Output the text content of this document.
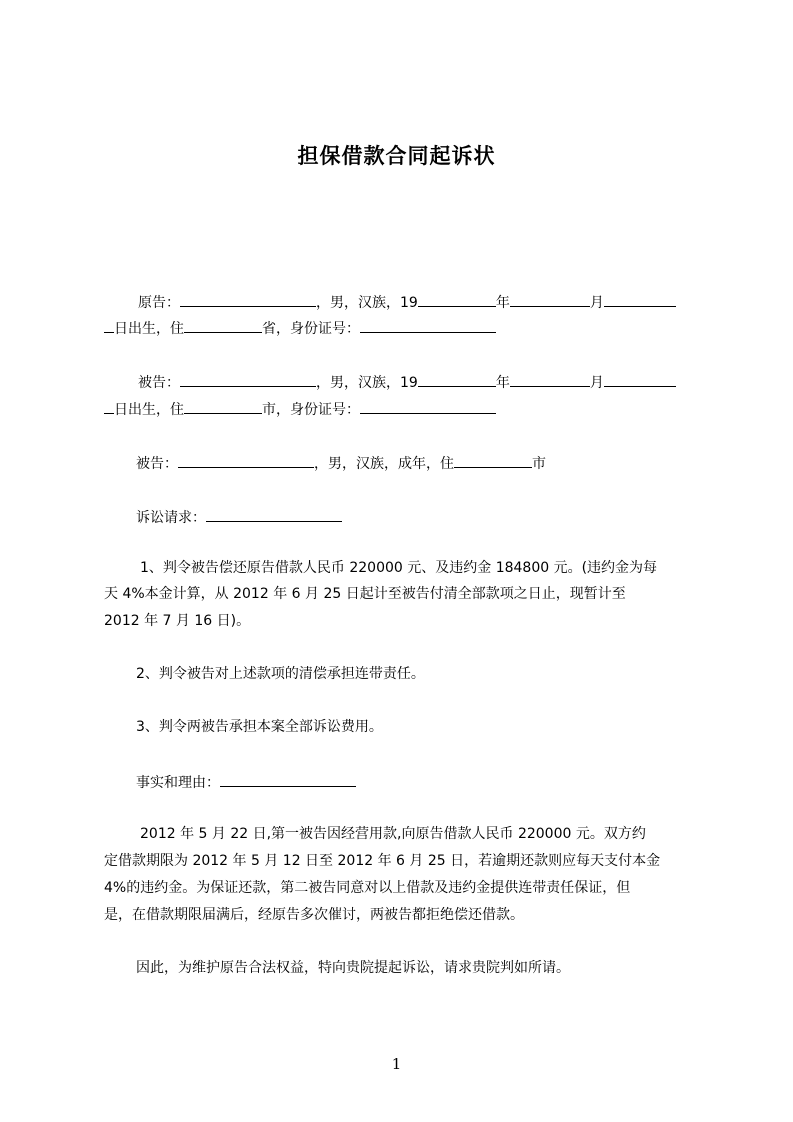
担保借款合同起诉状
原告：	，男，汉族，19	年	月
日出生，住	省，身份证号：
被告：	，男，汉族，19	年	月
日出生，住	市，身份证号：
被告：	，男，汉族，成年，住	市
诉讼请求：
1、判令被告偿还原告借款人民币 220000 元、及违约金 184800 元。(违约金为每
天 4%本金计算，从 2012 年 6 月 25 日起计至被告付清全部款项之日止，现暂计至
2012 年 7 月 16 日)。
2、判令被告对上述款项的清偿承担连带责任。
3、判令两被告承担本案全部诉讼费用。
事实和理由：
2012 年 5 月 22 日,第一被告因经营用款,向原告借款人民币 220000 元。双方约
定借款期限为 2012 年 5 月 12 日至 2012 年 6 月 25 日，若逾期还款则应每天支付本金
4%的违约金。为保证还款，第二被告同意对以上借款及违约金提供连带责任保证，但
是，在借款期限届满后，经原告多次催讨，两被告都拒绝偿还借款。
因此，为维护原告合法权益，特向贵院提起诉讼，请求贵院判如所请。
1
